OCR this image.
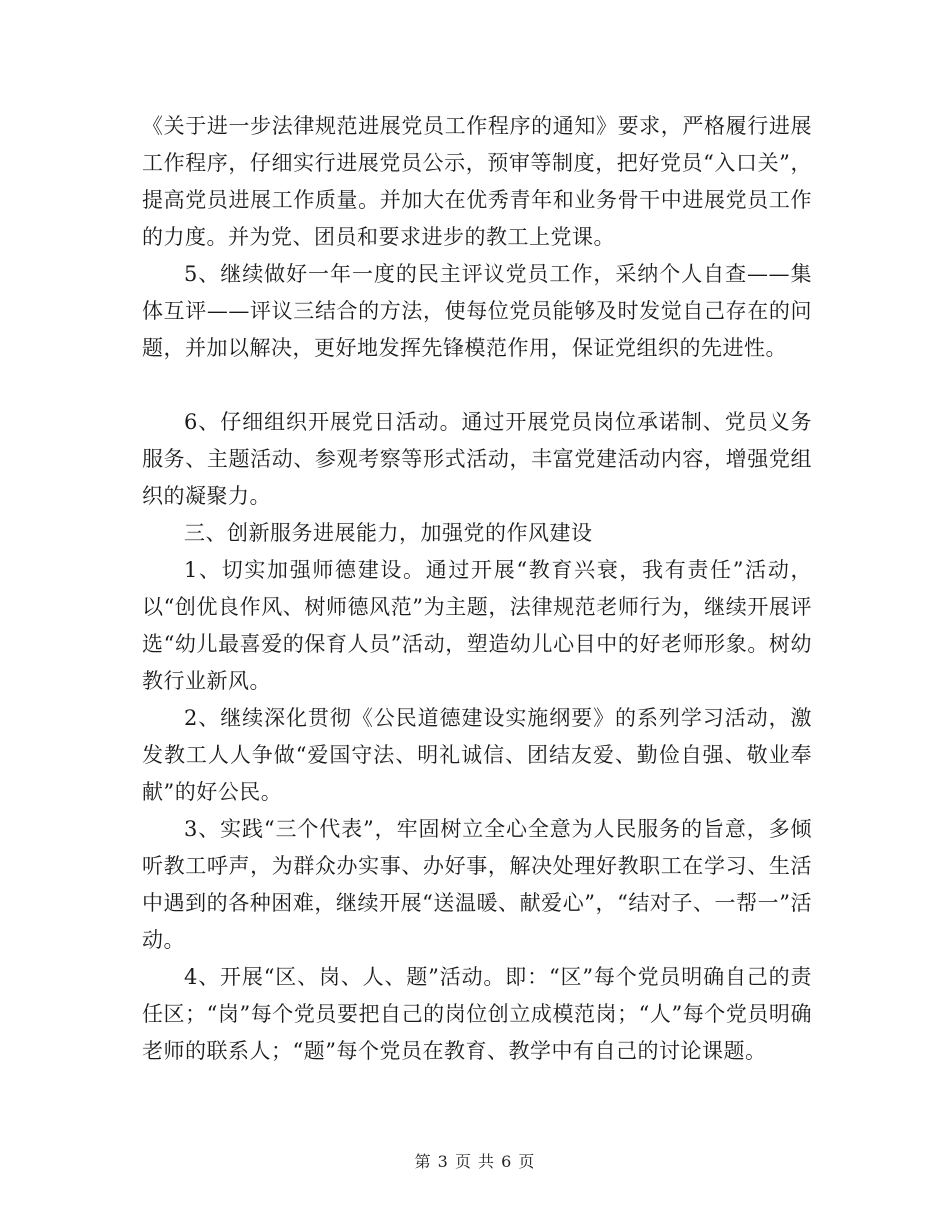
《关于进一步法律规范进展党员工作程序的通知》要求，严格履行进展工作程序，仔细实行进展党员公示，预审等制度，把好党员“入口关”，提高党员进展工作质量。并加大在优秀青年和业务骨干中进展党员工作的力度。并为党、团员和要求进步的教工上党课。

5、继续做好一年一度的民主评议党员工作，采纳个人自查——集体互评——评议三结合的方法，使每位党员能够及时发觉自己存在的问题，并加以解决，更好地发挥先锋模范作用，保证党组织的先进性。

6、仔细组织开展党日活动。通过开展党员岗位承诺制、党员义务服务、主题活动、参观考察等形式活动，丰富党建活动内容，增强党组织的凝聚力。

三、创新服务进展能力，加强党的作风建设

1、切实加强师德建设。通过开展“教育兴衰，我有责任”活动，以“创优良作风、树师德风范”为主题，法律规范老师行为，继续开展评选“幼儿最喜爱的保育人员”活动，塑造幼儿心目中的好老师形象。树幼教行业新风。

2、继续深化贯彻《公民道德建设实施纲要》的系列学习活动，激发教工人人争做“爱国守法、明礼诚信、团结友爱、勤俭自强、敬业奉献”的好公民。

3、实践“三个代表”，牢固树立全心全意为人民服务的旨意，多倾听教工呼声，为群众办实事、办好事，解决处理好教职工在学习、生活中遇到的各种困难，继续开展“送温暖、献爱心”，“结对子、一帮一”活动。

4、开展“区、岗、人、题”活动。即：“区”每个党员明确自己的责任区；“岗”每个党员要把自己的岗位创立成模范岗；“人”每个党员明确老师的联系人；“题”每个党员在教育、教学中有自己的讨论课题。

第 3 页 共 6 页
